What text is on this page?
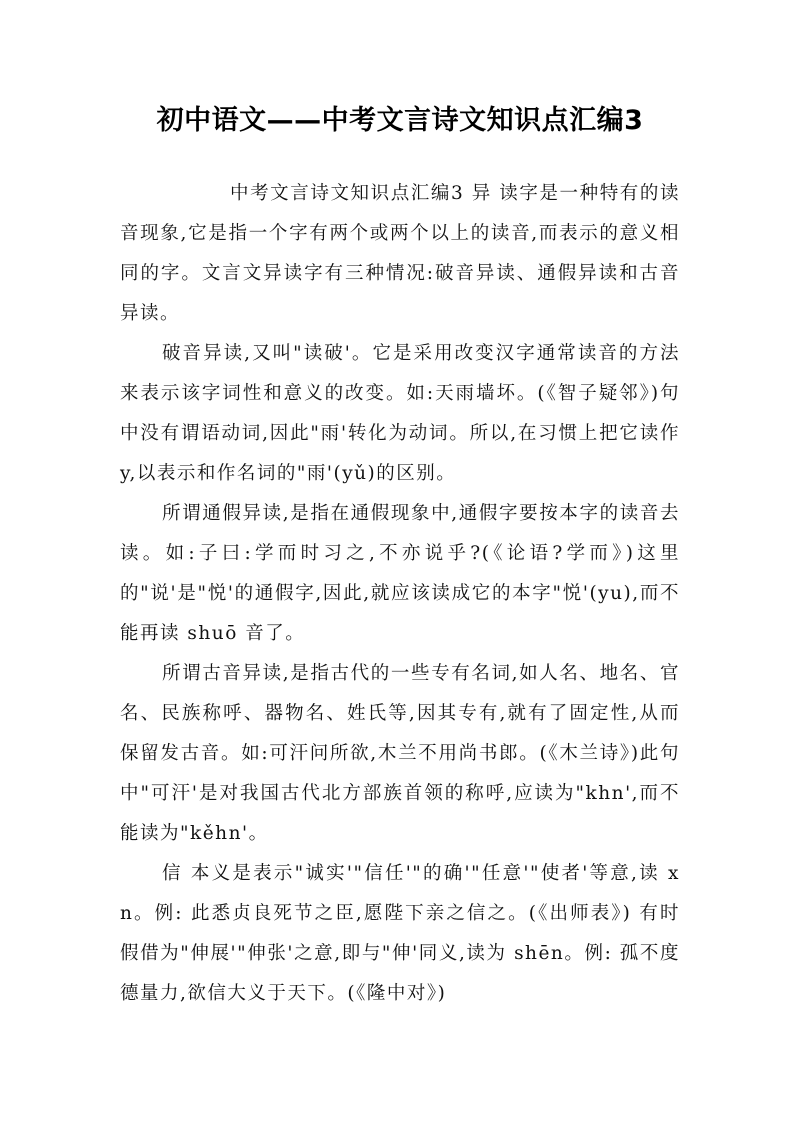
初中语文——中考文言诗文知识点汇编3

中考文言诗文知识点汇编3 异 读字是一种特有的读音现象,它是指一个字有两个或两个以上的读音,而表示的意义相同的字。文言文异读字有三种情况:破音异读、通假异读和古音异读。

破音异读,又叫"读破'。它是采用改变汉字通常读音的方法来表示该字词性和意义的改变。如:天雨墙坏。(《智子疑邻》)句中没有谓语动词,因此"雨'转化为动词。所以,在习惯上把它读作 y,以表示和作名词的"雨'(yǔ)的区别。

所谓通假异读,是指在通假现象中,通假字要按本字的读音去读。如:子曰:学而时习之,不亦说乎?(《论语?学而》)这里的"说'是"悦'的通假字,因此,就应该读成它的本字"悦'(yu),而不能再读 shuō 音了。

所谓古音异读,是指古代的一些专有名词,如人名、地名、官名、民族称呼、器物名、姓氏等,因其专有,就有了固定性,从而保留发古音。如:可汗问所欲,木兰不用尚书郎。(《木兰诗》)此句中"可汗'是对我国古代北方部族首领的称呼,应读为"khn',而不能读为"kěhn'。

信 本义是表示"诚实'"信任'"的确'"任意'"使者'等意,读 xn。例: 此悉贞良死节之臣,愿陛下亲之信之。(《出师表》) 有时假借为"伸展'"伸张'之意,即与"伸'同义,读为 shēn。例: 孤不度德量力,欲信大义于天下。(《隆中对》)
